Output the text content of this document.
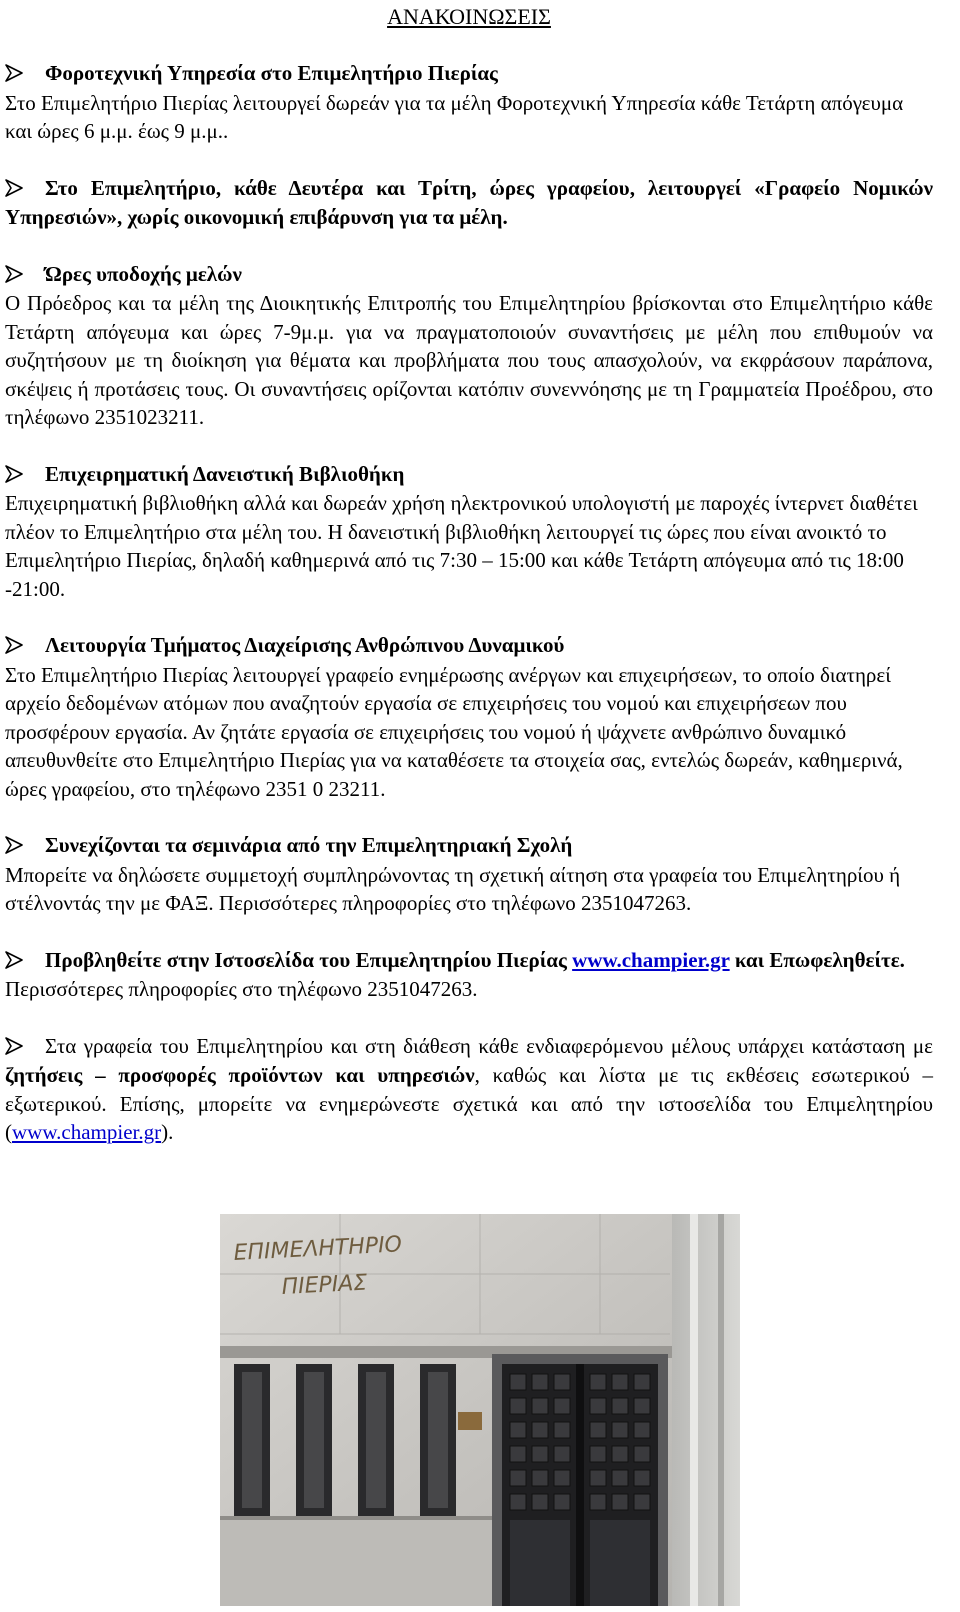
ΑΝΑΚΟΙΝΩΣΕΙΣ
Φοροτεχνική Υπηρεσία στο Επιμελητήριο Πιερίας
Στο Επιμελητήριο Πιερίας λειτουργεί δωρεάν για τα μέλη Φοροτεχνική Υπηρεσία κάθε Τετάρτη απόγευμα και ώρες 6 μ.μ. έως 9 μ.μ..
Στο Επιμελητήριο, κάθε Δευτέρα και Τρίτη, ώρες γραφείου, λειτουργεί «Γραφείο Νομικών Υπηρεσιών», χωρίς οικονομική επιβάρυνση για τα μέλη.
Ώρες υποδοχής μελών
Ο Πρόεδρος και τα μέλη της Διοικητικής Επιτροπής του Επιμελητηρίου βρίσκονται στο Επιμελητήριο κάθε Τετάρτη απόγευμα και ώρες 7-9μ.μ. για να πραγματοποιούν συναντήσεις με μέλη που επιθυμούν να συζητήσουν με τη διοίκηση για θέματα και προβλήματα που τους απασχολούν, να εκφράσουν παράπονα, σκέψεις ή προτάσεις τους. Οι συναντήσεις ορίζονται κατόπιν συνεννόησης με τη Γραμματεία Προέδρου, στο τηλέφωνο 2351023211.
Επιχειρηματική Δανειστική Βιβλιοθήκη
Επιχειρηματική βιβλιοθήκη αλλά και δωρεάν χρήση ηλεκτρονικού υπολογιστή με παροχές ίντερνετ διαθέτει πλέον το Επιμελητήριο στα μέλη του. Η δανειστική βιβλιοθήκη λειτουργεί τις ώρες που είναι ανοικτό το Επιμελητήριο Πιερίας, δηλαδή καθημερινά από τις 7:30 – 15:00 και κάθε Τετάρτη απόγευμα από τις 18:00 -21:00.
Λειτουργία Τμήματος Διαχείρισης Ανθρώπινου Δυναμικού
Στο Επιμελητήριο Πιερίας λειτουργεί γραφείο ενημέρωσης ανέργων και επιχειρήσεων, το οποίο διατηρεί αρχείο δεδομένων ατόμων που αναζητούν εργασία σε επιχειρήσεις του νομού και επιχειρήσεων που προσφέρουν εργασία. Αν ζητάτε εργασία σε επιχειρήσεις του νομού ή ψάχνετε ανθρώπινο δυναμικό απευθυνθείτε στο Επιμελητήριο Πιερίας για να καταθέσετε τα στοιχεία σας, εντελώς δωρεάν, καθημερινά, ώρες γραφείου, στο τηλέφωνο 2351 0 23211.
Συνεχίζονται τα σεμινάρια από την Επιμελητηριακή Σχολή
Μπορείτε να δηλώσετε συμμετοχή συμπληρώνοντας τη σχετική αίτηση στα γραφεία του Επιμελητηρίου ή στέλνοντάς την με ΦΑΞ. Περισσότερες πληροφορίες στο τηλέφωνο 2351047263.
Προβληθείτε στην Ιστοσελίδα του Επιμελητηρίου Πιερίας www.champier.gr και Επωφεληθείτε. Περισσότερες πληροφορίες στο τηλέφωνο 2351047263.
Στα γραφεία του Επιμελητηρίου και στη διάθεση κάθε ενδιαφερόμενου μέλους υπάρχει κατάσταση με ζητήσεις – προσφορές προϊόντων και υπηρεσιών, καθώς και λίστα με τις εκθέσεις εσωτερικού – εξωτερικού. Επίσης, μπορείτε να ενημερώνεστε σχετικά και από την ιστοσελίδα του Επιμελητηρίου (www.champier.gr).
ΕΠΙΜΕΛΗΤΗΡΙΟ
ΠΙΕΡΙΑΣ
